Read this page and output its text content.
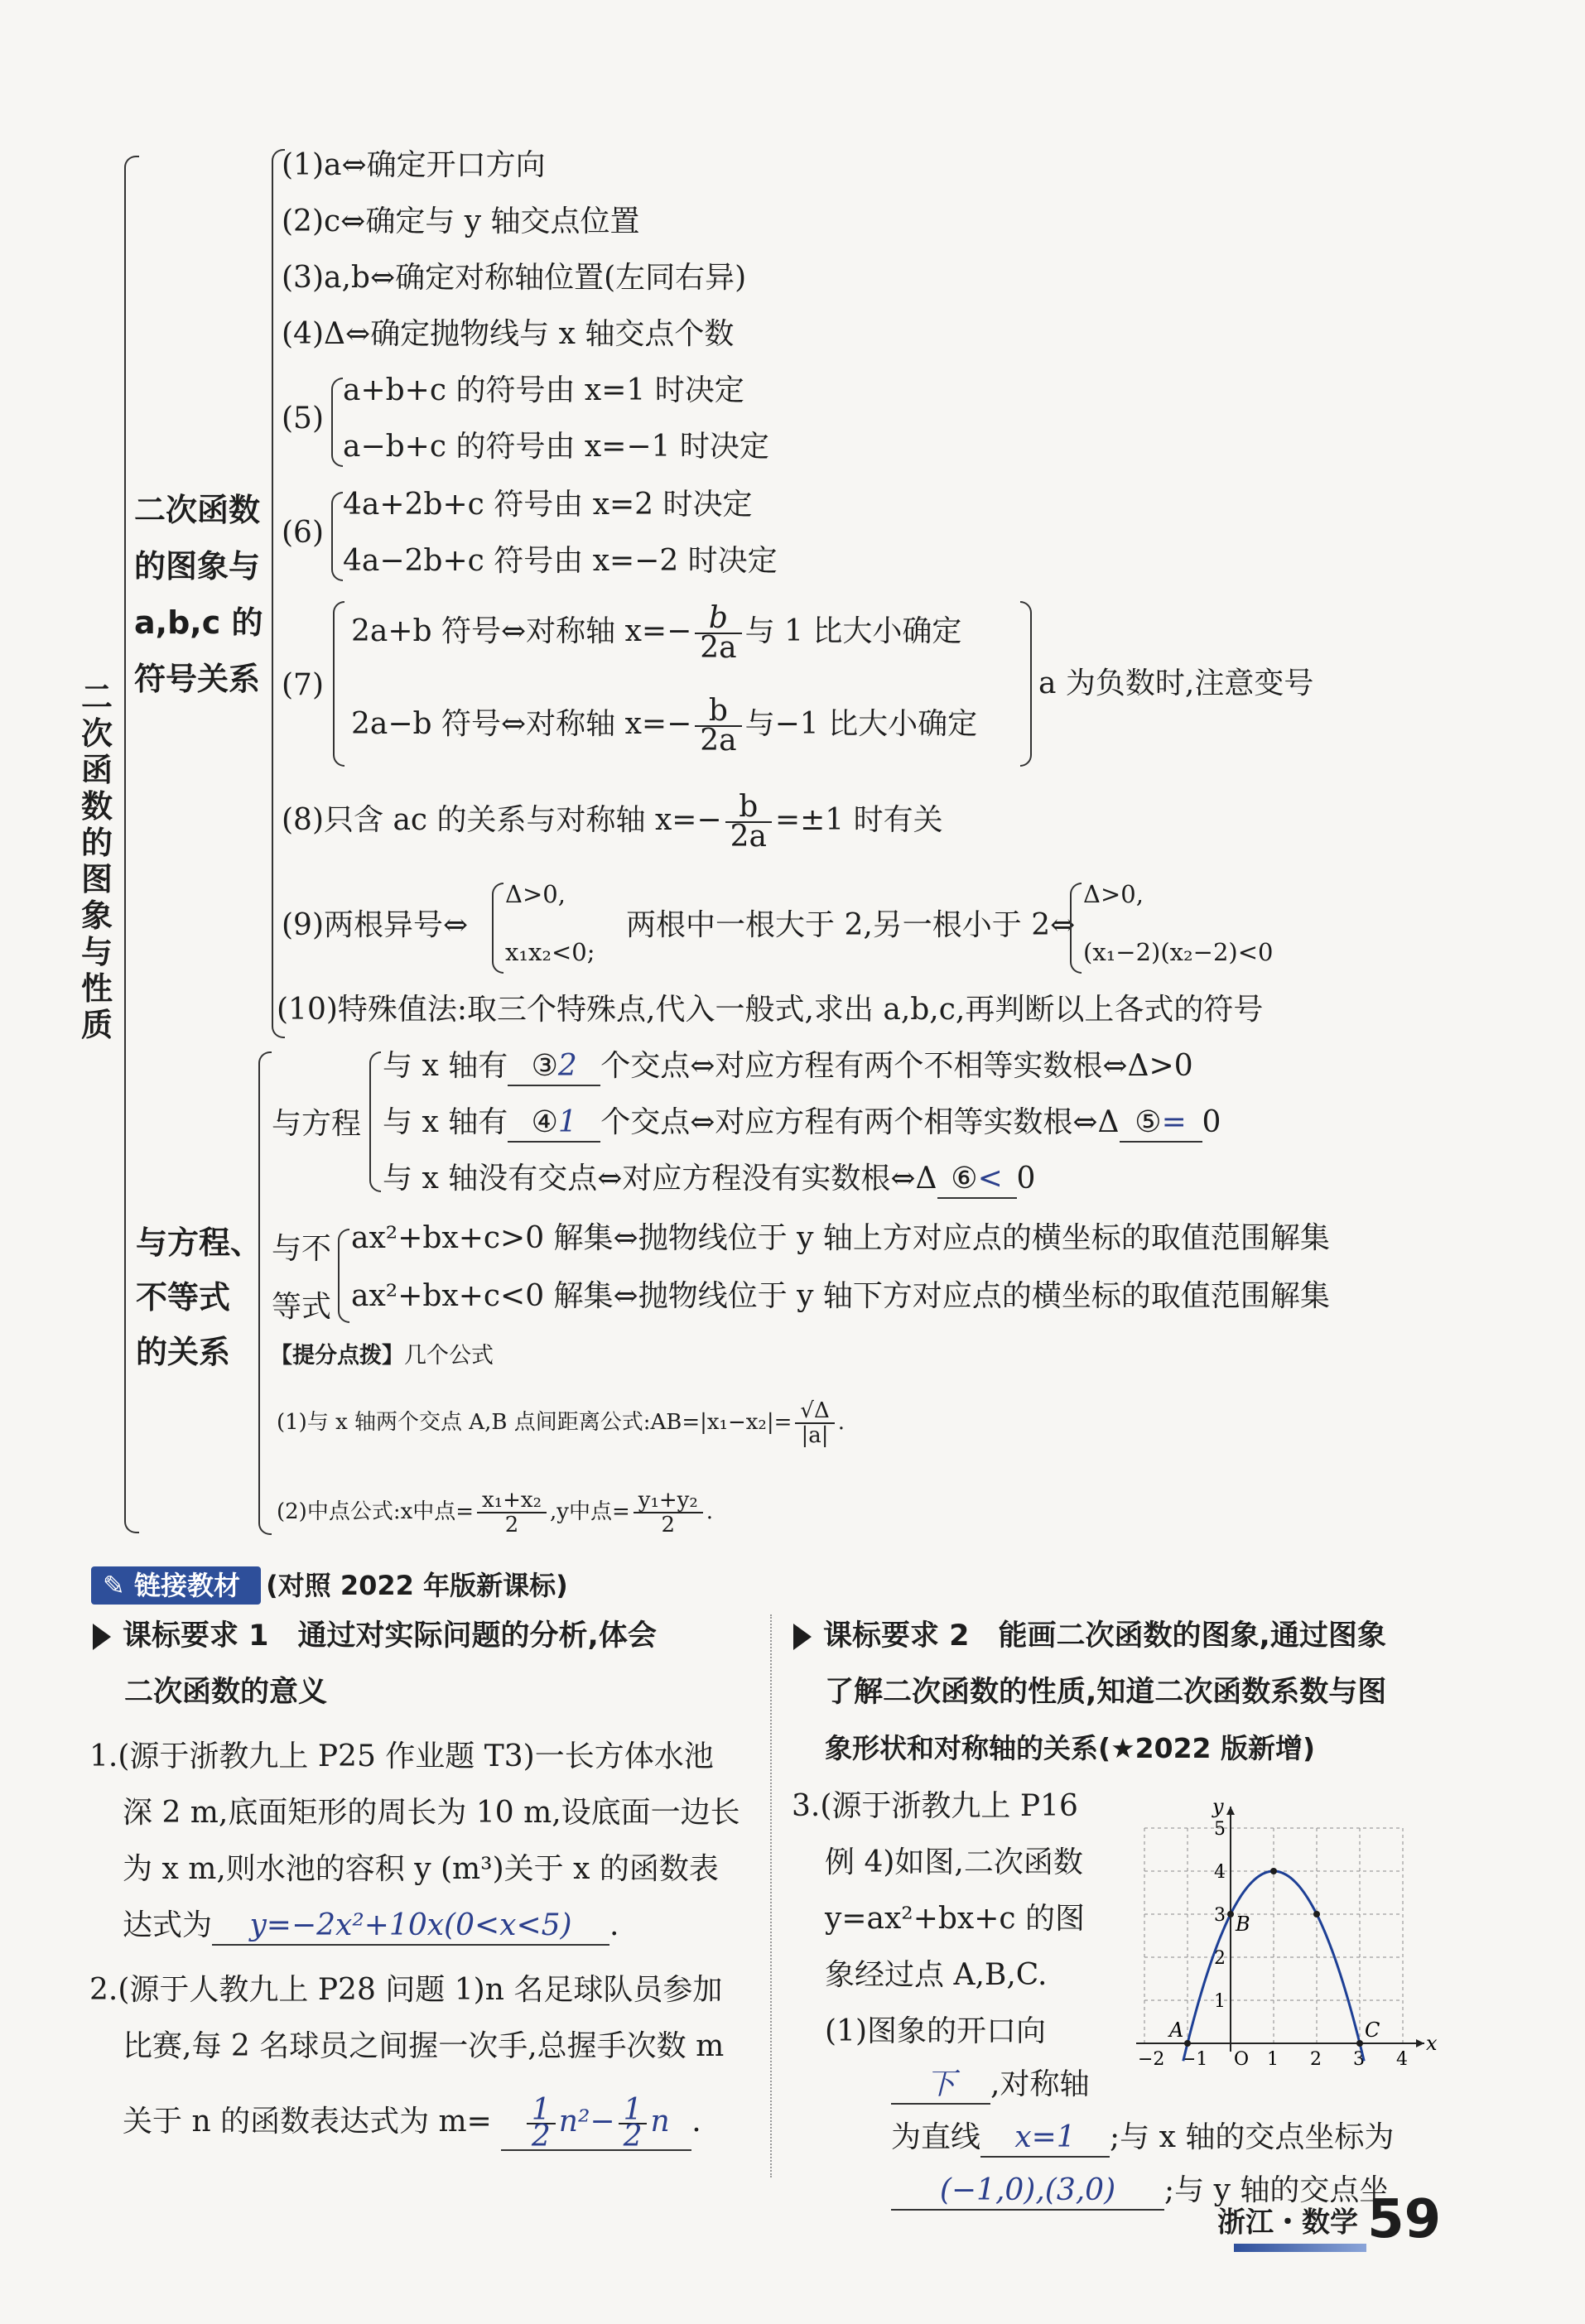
二次函数的图象与性质
二次函数
的图象与
a,b,c 的
符号关系
(1)a⇔确定开口方向
(2)c⇔确定与 y 轴交点位置
(3)a,b⇔确定对称轴位置(左同右异)
(4)Δ⇔确定抛物线与 x 轴交点个数
(5)
a+b+c 的符号由 x=1 时决定
a−b+c 的符号由 x=−1 时决定
(6)
4a+2b+c 符号由 x=2 时决定
4a−2b+c 符号由 x=−2 时决定
(7)
2a+b 符号⇔对称轴 $x=- \frac{b}{2a}$ 与 1 比大小确定
2a−b 符号⇔对称轴 $x=- \frac{b}{2a}$ 与−1 比大小确定
a 为负数时,注意变号
(8)只含 ac 的关系与对称轴 $x=- \frac{b}{2a} =\pm 1$ 时有关
(9)两根异号⇔
Δ>0,
x₁x₂<0;
两根中一根大于 2,另一根小于 2⇔
Δ>0,
(x₁−2)(x₂−2)<0
(10)特殊值法:取三个特殊点,代入一般式,求出 a,b,c,再判断以上各式的符号
与方程、
不等式
的关系
与方程
与 x 轴有 ③2 个交点⇔对应方程有两个不相等实数根⇔Δ>0
与 x 轴有 ④1 个交点⇔对应方程有两个相等实数根⇔Δ ⑤= 0
与 x 轴没有交点⇔对应方程没有实数根⇔Δ ⑥< 0
与不
等式
ax²+bx+c>0 解集⇔抛物线位于 y 轴上方对应点的横坐标的取值范围解集
ax²+bx+c<0 解集⇔抛物线位于 y 轴下方对应点的横坐标的取值范围解集
【提分点拨】几个公式
(1)与 x 轴两个交点 A,B 点间距离公式:AB=|x₁−x₂|= $\frac{√\Delta}{|a|}$ .
(2)中点公式:x中点= $\frac{\text{x₁+x₂}}{2} ,y$中点= $\frac{\text{y₁+y₂}}{2}$ .
✎ 链接教材 (对照 2022 年版新课标)
课标要求 1　通过对实际问题的分析,体会
二次函数的意义
1.(源于浙教九上 P25 作业题 T3)一长方体水池
深 2 m,底面矩形的周长为 10 m,设底面一边长
为 x m,则水池的容积 y (m³)关于 x 的函数表
达式为 y=−2x²+10x(0<x<5) .
2.(源于人教九上 P28 问题 1)n 名足球队员参加
比赛,每 2 名球员之间握一次手,总握手次数 m
关于 n 的函数表达式为 $m= \frac{1}{2} n^2- \frac{1}{2}$ n .
课标要求 2　能画二次函数的图象,通过图象
了解二次函数的性质,知道二次函数系数与图
象形状和对称轴的关系(★2022 版新增)
3.(源于浙教九上 P16
例 4)如图,二次函数
y=ax²+bx+c 的图
象经过点 A,B,C.
(1)图象的开口向
下 ,对称轴
为直线 x=1 ;与 x 轴的交点坐标为
(−1,0),(3,0) ;与 y 轴的交点坐
x
y
−2 −1 O 1 2 3 4
1
2
3
4
5
A
B
C
浙江・数学 59
